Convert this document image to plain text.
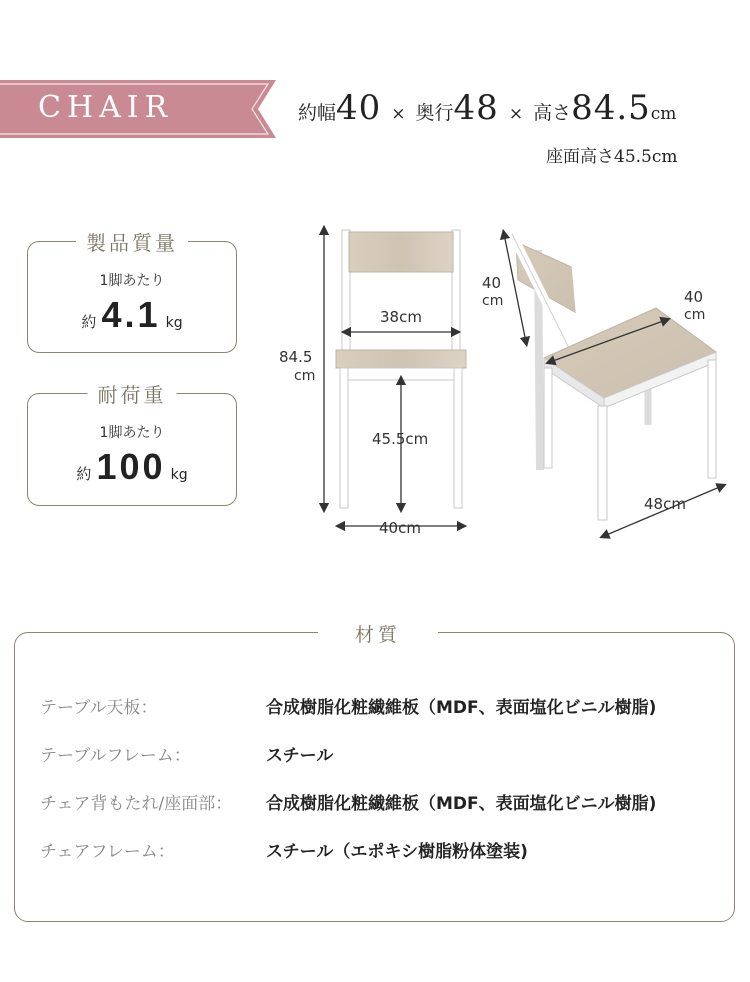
CHAIR	約幅40 × 奥行48 × 高さ84.5cm
座面高さ45.5cm
製品質量
1脚あたり
約 4.1 kg
耐荷重
1脚あたり
約 100 kg
84.5
cm
38cm
45.5cm
40cm
40
cm	40
cm
48cm
材質
テーブル天板：	合成樹脂化粧繊維板（MDF、表面塩化ビニル樹脂)
テーブルフレーム：	スチール
チェア背もたれ/座面部： 合成樹脂化粧繊維板（MDF、表面塩化ビニル樹脂)
チェアフレーム：	スチール（エポキシ樹脂粉体塗装)
